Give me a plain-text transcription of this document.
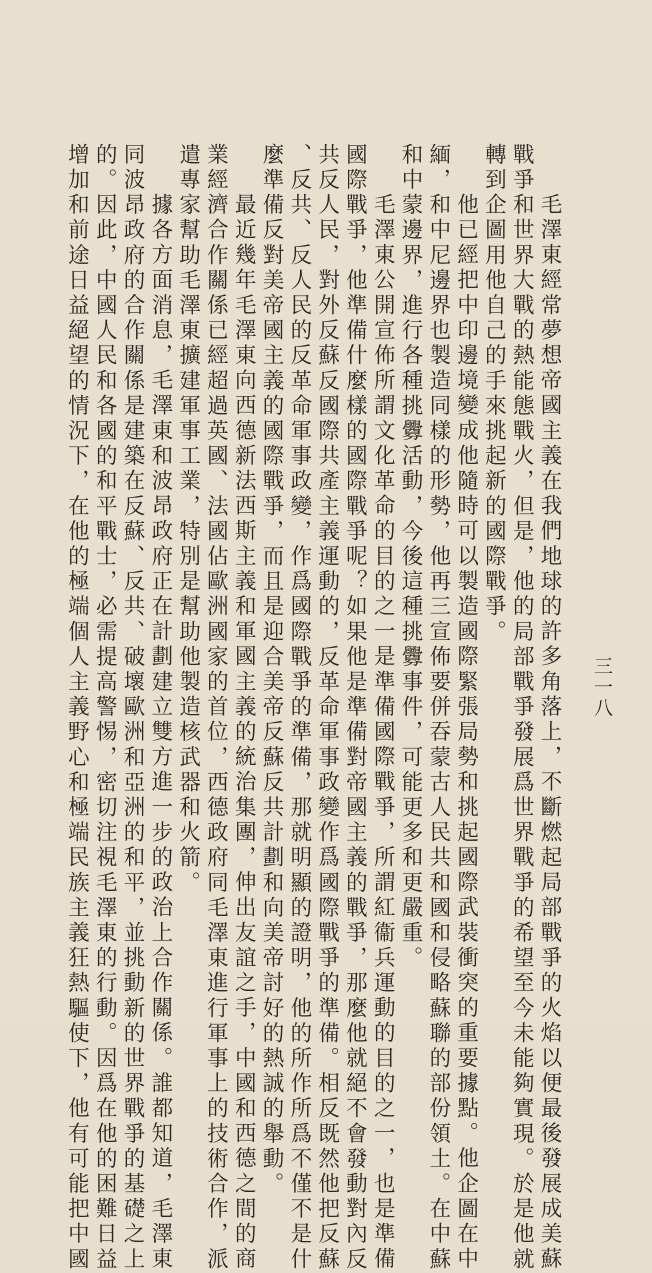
三一八

毛澤東經常夢想帝國主義在我們地球的許多角落上，不斷燃起局部戰爭的火焰以便最後發展成美蘇

戰爭和世界大戰的熱能態戰火，但是，他的局部戰爭發展爲世界戰爭的希望至今未能夠實現。於是他就

轉到企圖用他自己的手來挑起新的國際戰爭。

他已經把中印邊境變成他隨時可以製造國際緊張局勢和挑起國際武裝衝突的重要據點。他企圖在中

緬，和中尼邊界也製造同樣的形勢，他再三宣佈要併吞蒙古人民共和國和侵略蘇聯的部份領土。在中蘇

和中蒙邊界，進行各種挑釁活動，今後這種挑釁事件，可能更多和更嚴重。

毛澤東公開宣佈所謂文化革命的目的之一是準備國際戰爭，所謂紅衞兵運動的目的之一，也是準備

國際戰爭，他準備什麼樣的國際戰爭呢？如果他是準備對帝國主義的戰爭，那麼他就絕不會發動對內反

共反人民，對外反蘇反國際共產主義運動的，反革命軍事政變作爲國際戰爭的準備。相反既然他把反蘇

、反共、反人民的反革命軍事政變，作爲國際戰爭的準備，那就明顯的證明，他的所作所爲不僅不是什

麼準備反對美帝國主義的國際戰爭，而且是迎合美帝反蘇反共計劃和向美帝討好的熱誠的舉動。

最近幾年毛澤東向西德新法西斯主義和軍國主義的統治集團，伸出友誼之手，中國和西德之間的商

業經濟合作關係已經超過英國、法國佔歐洲國家的首位，西德政府同毛澤東進行軍事上的技術合作，派

遣專家幫助毛澤東擴建軍事工業，特別是幫助他製造核武器和火箭。

據各方面消息，毛澤東和波昂政府正在計劃建立雙方進一步的政治上合作關係。誰都知道，毛澤東

同波昂政府的合作關係是建築在反蘇、反共、破壞歐洲和亞洲的和平，並挑動新的世界戰爭的基礎之上

的。因此，中國人民和各國的和平戰士，必需提高警惕，密切注視毛澤東的行動。因爲在他的困難日益

增加和前途日益絕望的情況下，在他的極端個人主義野心和極端民族主義狂熱驅使下，他有可能把中國
